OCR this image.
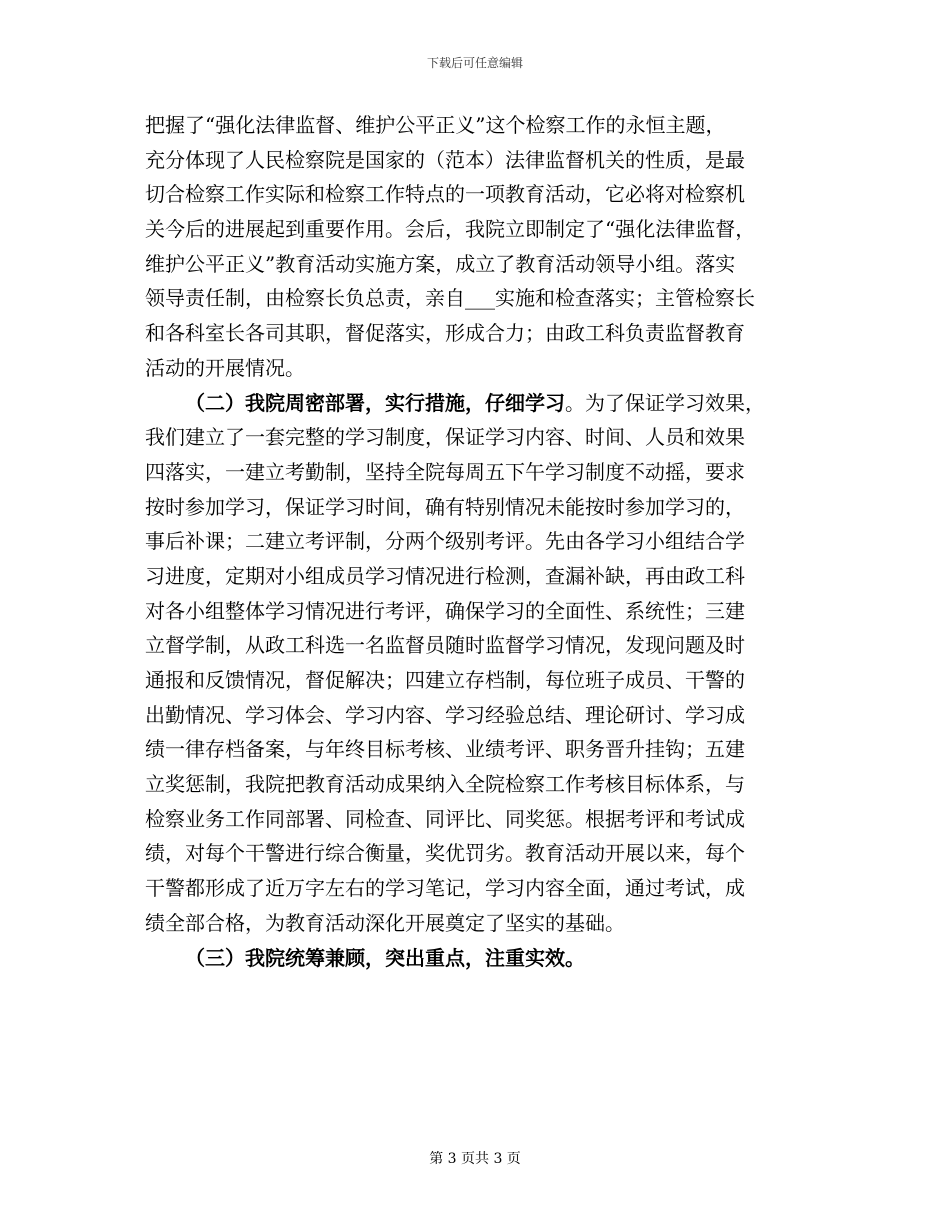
下载后可任意编辑
把握了“强化法律监督、维护公平正义”这个检察工作的永恒主题，
充分体现了人民检察院是国家的（范本）法律监督机关的性质，是最
切合检察工作实际和检察工作特点的一项教育活动，它必将对检察机
关今后的进展起到重要作用。会后，我院立即制定了“强化法律监督，
维护公平正义”教育活动实施方案，成立了教育活动领导小组。落实
领导责任制，由检察长负总责，亲自___实施和检查落实；主管检察长
和各科室长各司其职，督促落实，形成合力；由政工科负责监督教育
活动的开展情况。
（二）我院周密部署，实行措施，仔细学习。为了保证学习效果，
我们建立了一套完整的学习制度，保证学习内容、时间、人员和效果
四落实，一建立考勤制，坚持全院每周五下午学习制度不动摇，要求
按时参加学习，保证学习时间，确有特别情况未能按时参加学习的，
事后补课；二建立考评制，分两个级别考评。先由各学习小组结合学
习进度，定期对小组成员学习情况进行检测，查漏补缺，再由政工科
对各小组整体学习情况进行考评，确保学习的全面性、系统性；三建
立督学制，从政工科选一名监督员随时监督学习情况，发现问题及时
通报和反馈情况，督促解决；四建立存档制，每位班子成员、干警的
出勤情况、学习体会、学习内容、学习经验总结、理论研讨、学习成
绩一律存档备案，与年终目标考核、业绩考评、职务晋升挂钩；五建
立奖惩制，我院把教育活动成果纳入全院检察工作考核目标体系，与
检察业务工作同部署、同检查、同评比、同奖惩。根据考评和考试成
绩，对每个干警进行综合衡量，奖优罚劣。教育活动开展以来，每个
干警都形成了近万字左右的学习笔记，学习内容全面，通过考试，成
绩全部合格，为教育活动深化开展奠定了坚实的基础。
（三）我院统筹兼顾，突出重点，注重实效。
第 3 页共 3 页
